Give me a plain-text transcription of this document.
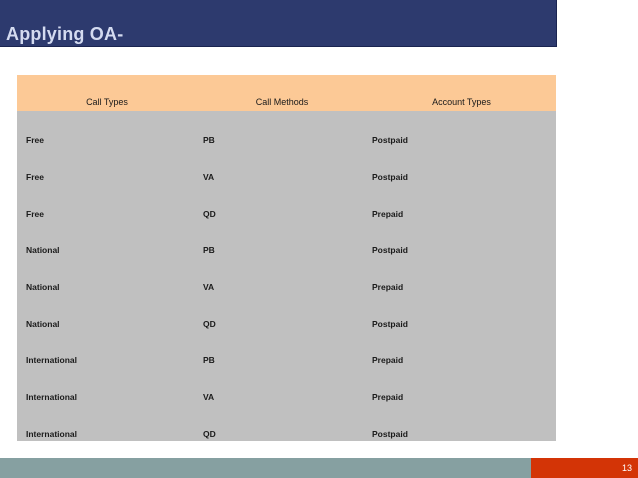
Applying OA-
Call Types	Call Methods	Account Types
Free	PB	Postpaid
Free	VA	Postpaid
Free	QD	Prepaid
National	PB	Postpaid
National	VA	Prepaid
National	QD	Postpaid
International	PB	Prepaid
International	VA	Prepaid
International	QD	Postpaid
13
